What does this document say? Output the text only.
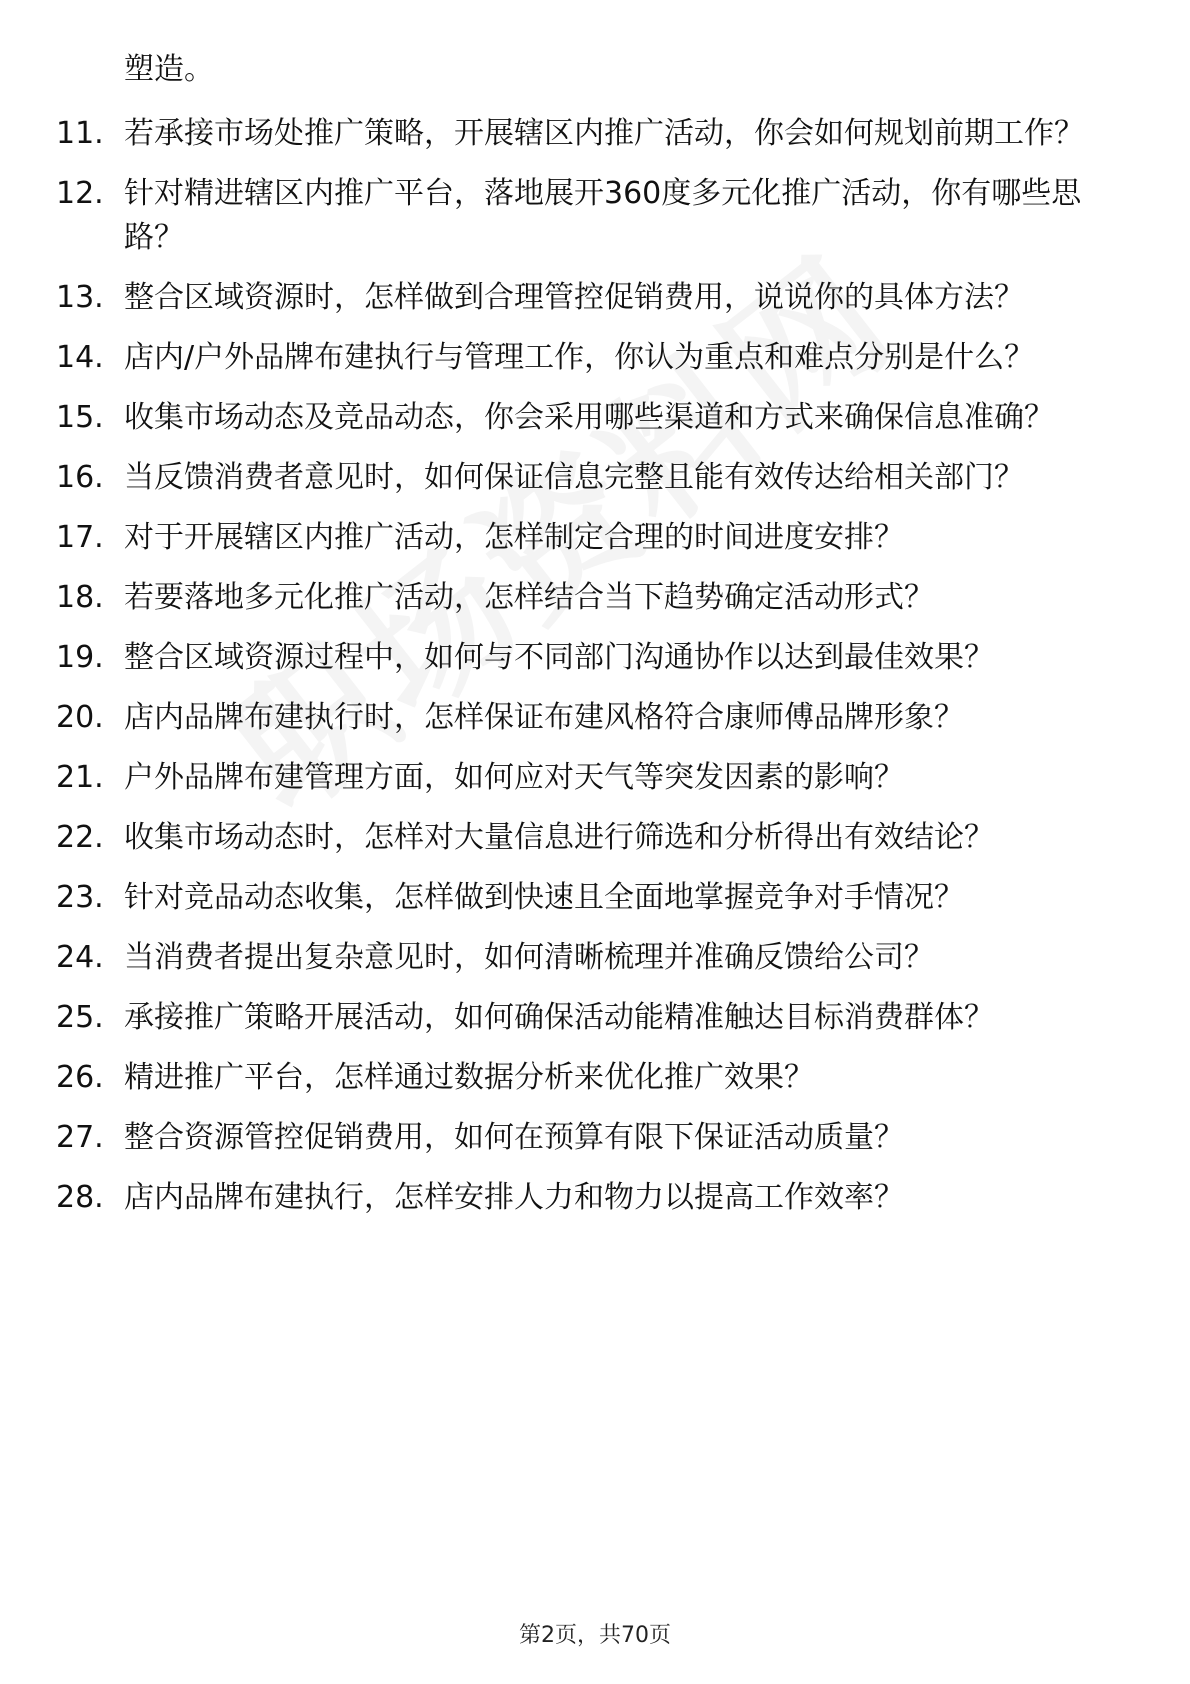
塑造。
11. 若承接市场处推广策略，开展辖区内推广活动，你会如何规划前期工作？
12. 针对精进辖区内推广平台，落地展开360度多元化推广活动，你有哪些思路？
13. 整合区域资源时，怎样做到合理管控促销费用，说说你的具体方法？
14. 店内/户外品牌布建执行与管理工作，你认为重点和难点分别是什么？
15. 收集市场动态及竞品动态，你会采用哪些渠道和方式来确保信息准确？
16. 当反馈消费者意见时，如何保证信息完整且能有效传达给相关部门？
17. 对于开展辖区内推广活动，怎样制定合理的时间进度安排？
18. 若要落地多元化推广活动，怎样结合当下趋势确定活动形式？
19. 整合区域资源过程中，如何与不同部门沟通协作以达到最佳效果？
20. 店内品牌布建执行时，怎样保证布建风格符合康师傅品牌形象？
21. 户外品牌布建管理方面，如何应对天气等突发因素的影响？
22. 收集市场动态时，怎样对大量信息进行筛选和分析得出有效结论？
23. 针对竞品动态收集，怎样做到快速且全面地掌握竞争对手情况？
24. 当消费者提出复杂意见时，如何清晰梳理并准确反馈给公司？
25. 承接推广策略开展活动，如何确保活动能精准触达目标消费群体？
26. 精进推广平台，怎样通过数据分析来优化推广效果？
27. 整合资源管控促销费用，如何在预算有限下保证活动质量？
28. 店内品牌布建执行，怎样安排人力和物力以提高工作效率？
第2页，共70页
